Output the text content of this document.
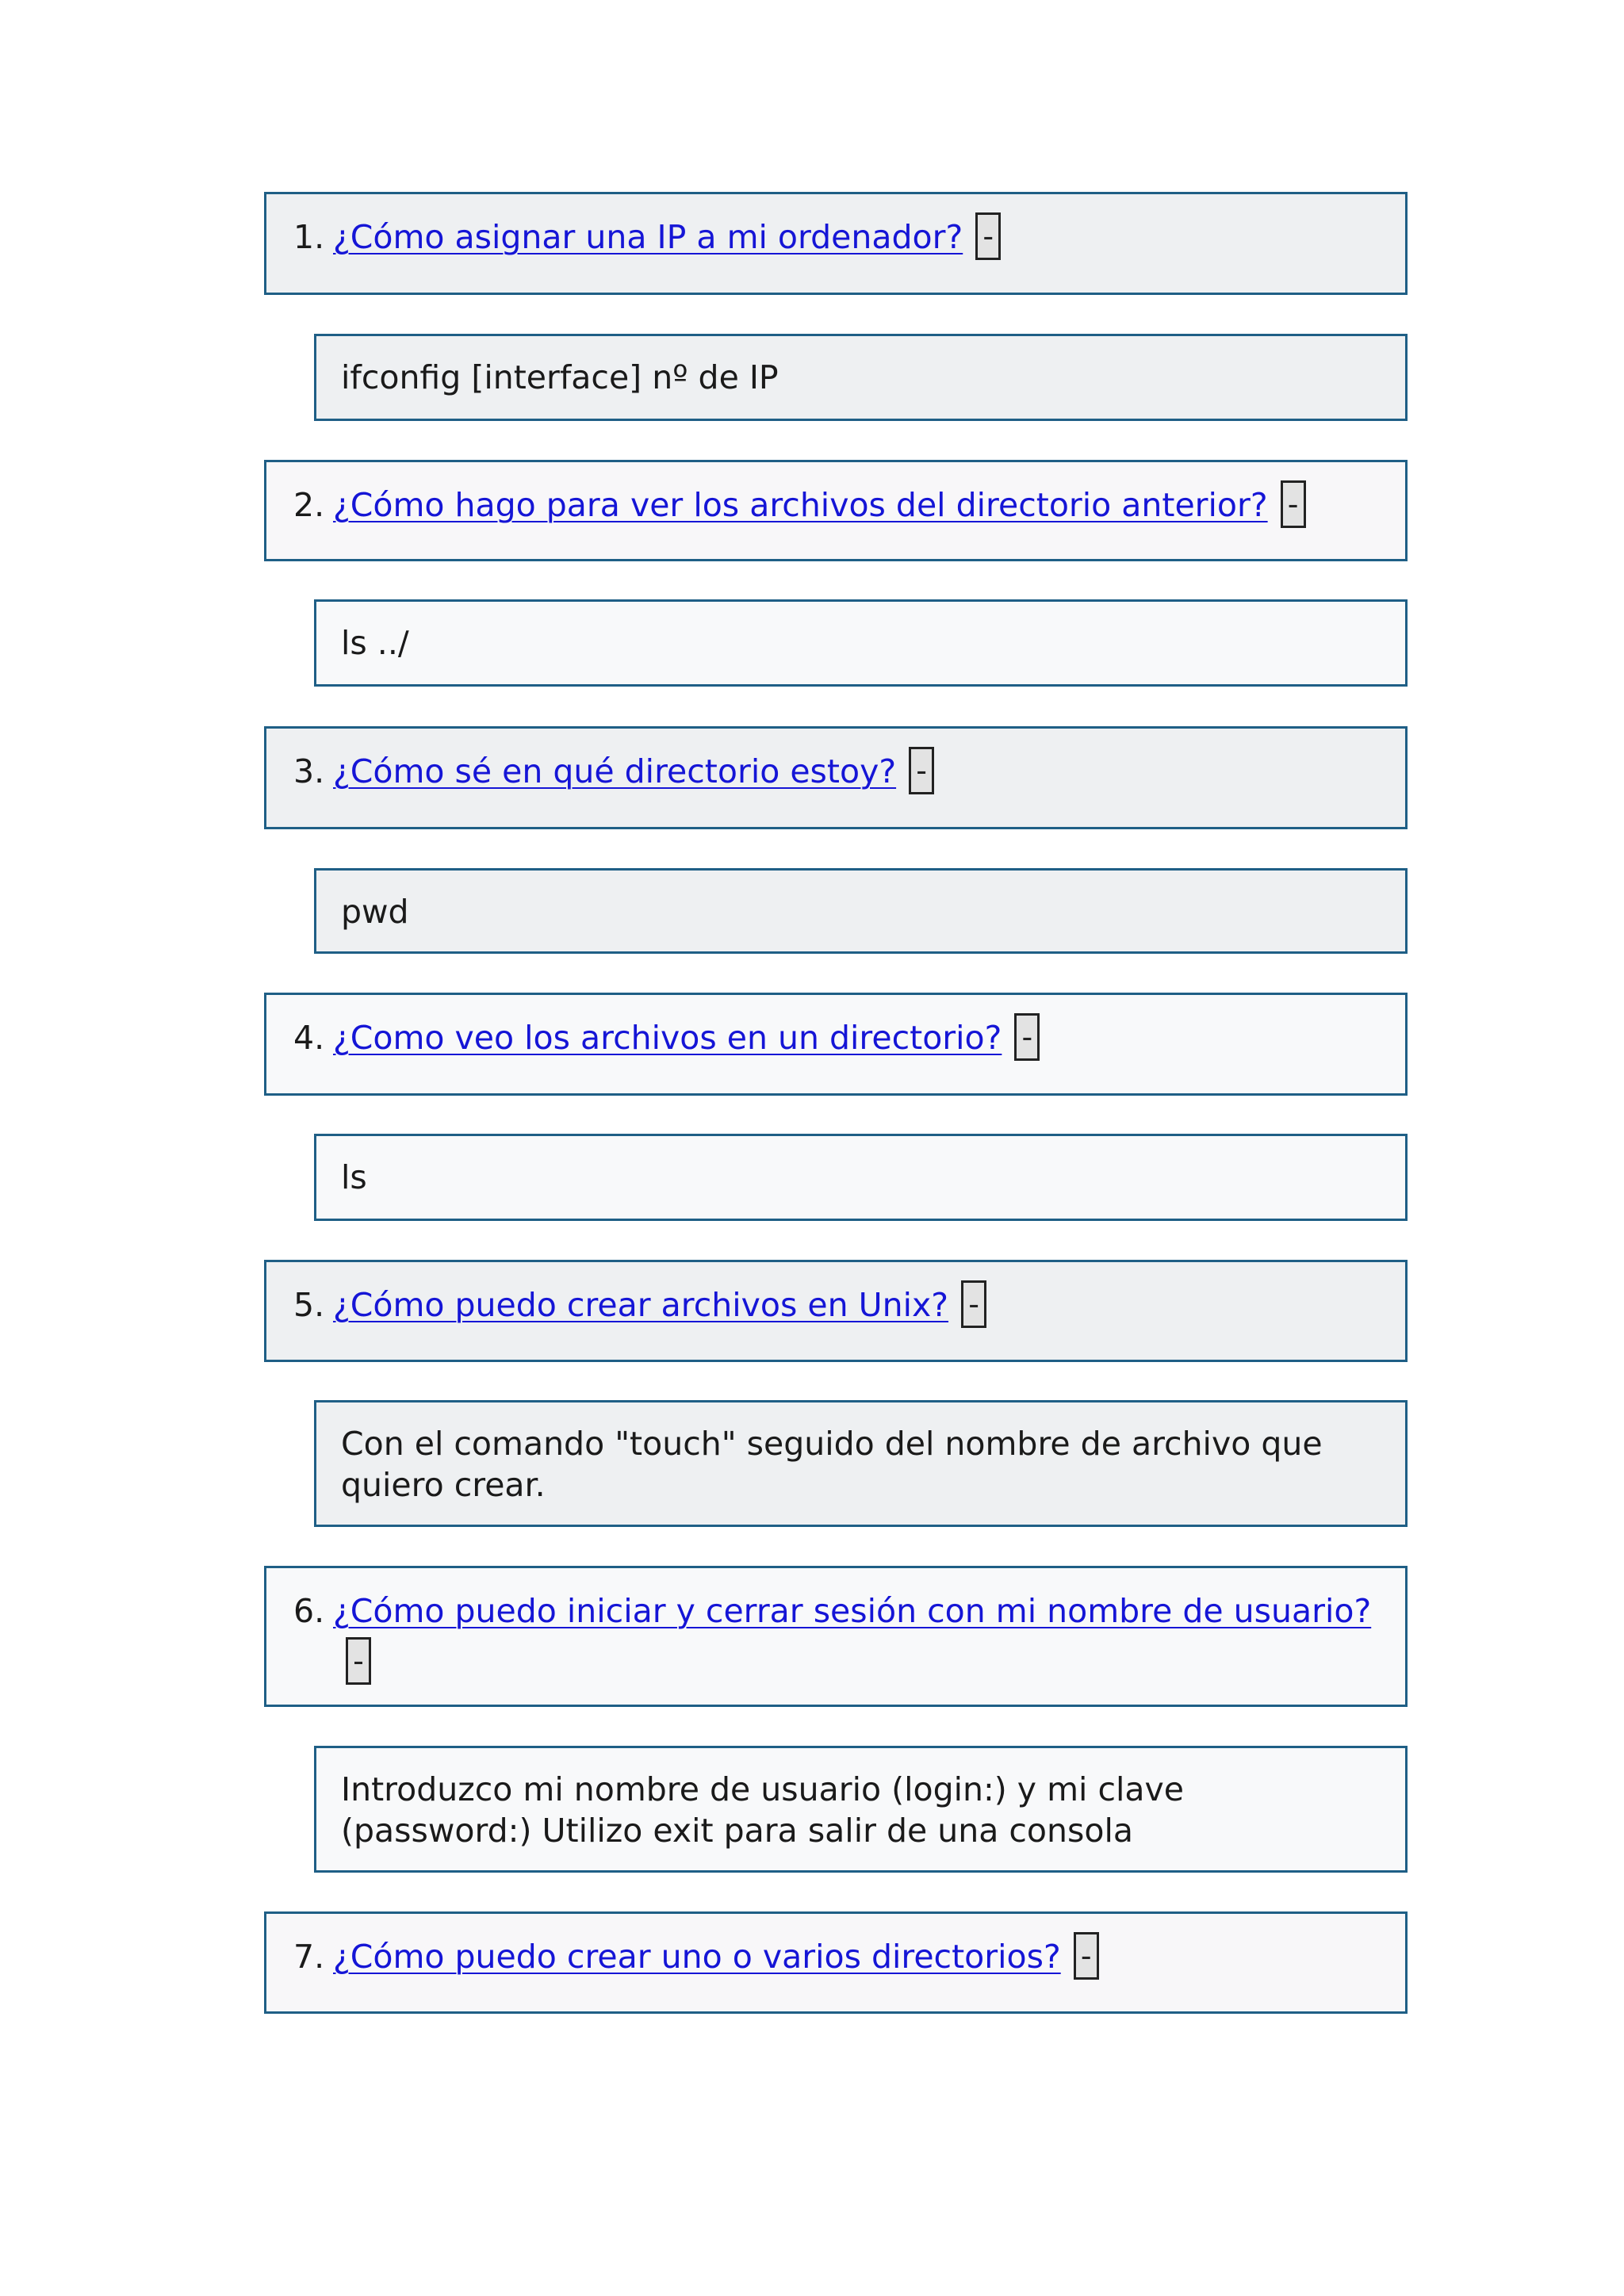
1. ¿Cómo asignar una IP a mi ordenador? -
ifconfig [interface] nº de IP
2. ¿Cómo hago para ver los archivos del directorio anterior? -
ls ../
3. ¿Cómo sé en qué directorio estoy? -
pwd
4. ¿Como veo los archivos en un directorio? -
ls
5. ¿Cómo puedo crear archivos en Unix? -
Con el comando "touch" seguido del nombre de archivo que quiero crear.
6. ¿Cómo puedo iniciar y cerrar sesión con mi nombre de usuario?-
Introduzco mi nombre de usuario (login:) y mi clave (password:) Utilizo exit para salir de una consola
7. ¿Cómo puedo crear uno o varios directorios? -
